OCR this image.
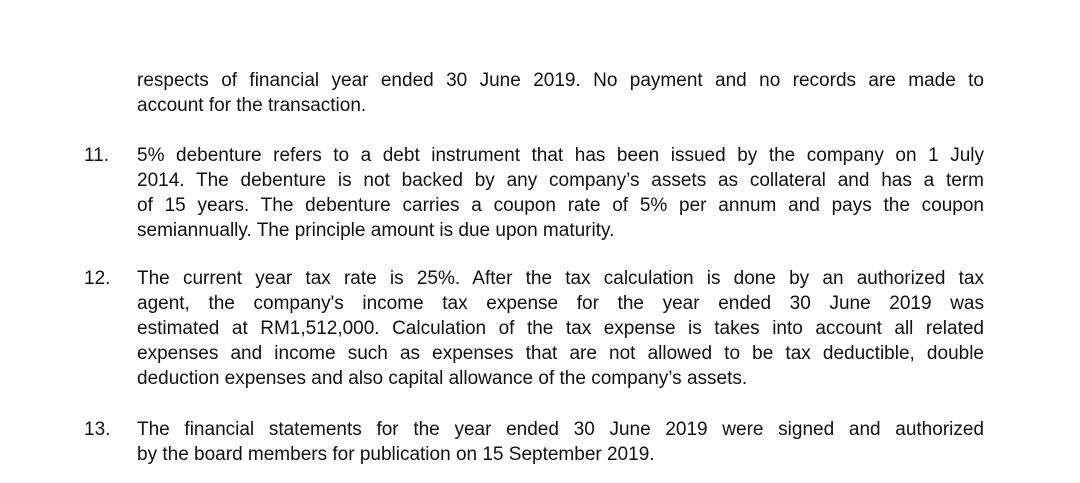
respects of financial year ended 30 June 2019. No payment and no records are made to
account for the transaction.
11. 5% debenture refers to a debt instrument that has been issued by the company on 1 July
2014. The debenture is not backed by any company’s assets as collateral and has a term
of 15 years. The debenture carries a coupon rate of 5% per annum and pays the coupon
semiannually. The principle amount is due upon maturity.
12. The current year tax rate is 25%. After the tax calculation is done by an authorized tax
agent, the company's income tax expense for the year ended 30 June 2019 was
estimated at RM1,512,000. Calculation of the tax expense is takes into account all related
expenses and income such as expenses that are not allowed to be tax deductible, double
deduction expenses and also capital allowance of the company’s assets.
13. The financial statements for the year ended 30 June 2019 were signed and authorized
by the board members for publication on 15 September 2019.
